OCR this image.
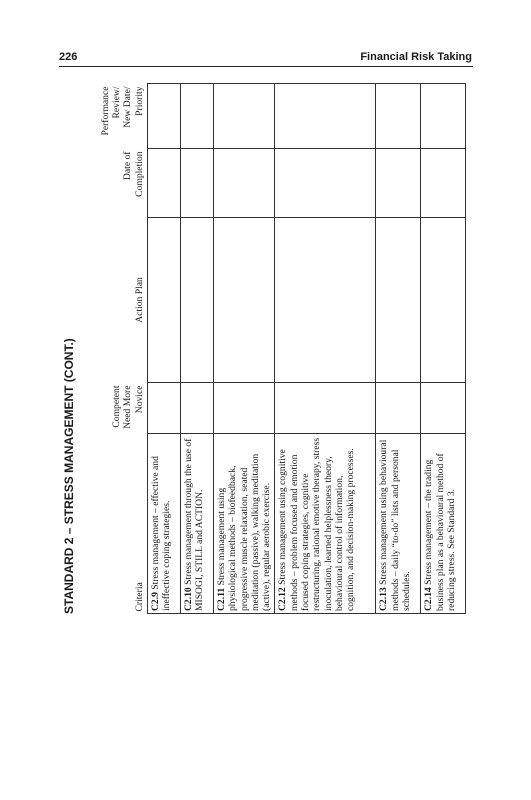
226	Financial Risk Taking
STANDARD 2 – STRESS MANAGEMENT (CONT.)	Criteria	Competent Need More Novice	Action Plan	Date of Completion	Performance Review/ New Date/ Priority

C2.9 Stress management – effective and ineffective coping strategies.				
C2.10 Stress management through the use of MISOGI, STILL and ACTION.				
C2.11 Stress management using physiological methods – biofeedback, progressive muscle relaxation, seated meditation (passive), walking meditation (active), regular aerobic exercise.				
C2.12 Stress management using cognitive methods – problem focused and emotion focused coping strategies, cognitive restructuring, rational emotive therapy, stress inoculation, learned helplessness theory, behavioural control of information, cognition, and decision-making processes.				
C2.13 Stress management using behavioural methods – daily “to-do” lists and personal schedules.				
C2.14 Stress management – the trading business plan as a behavioural method of reducing stress. See Standard 3.				
